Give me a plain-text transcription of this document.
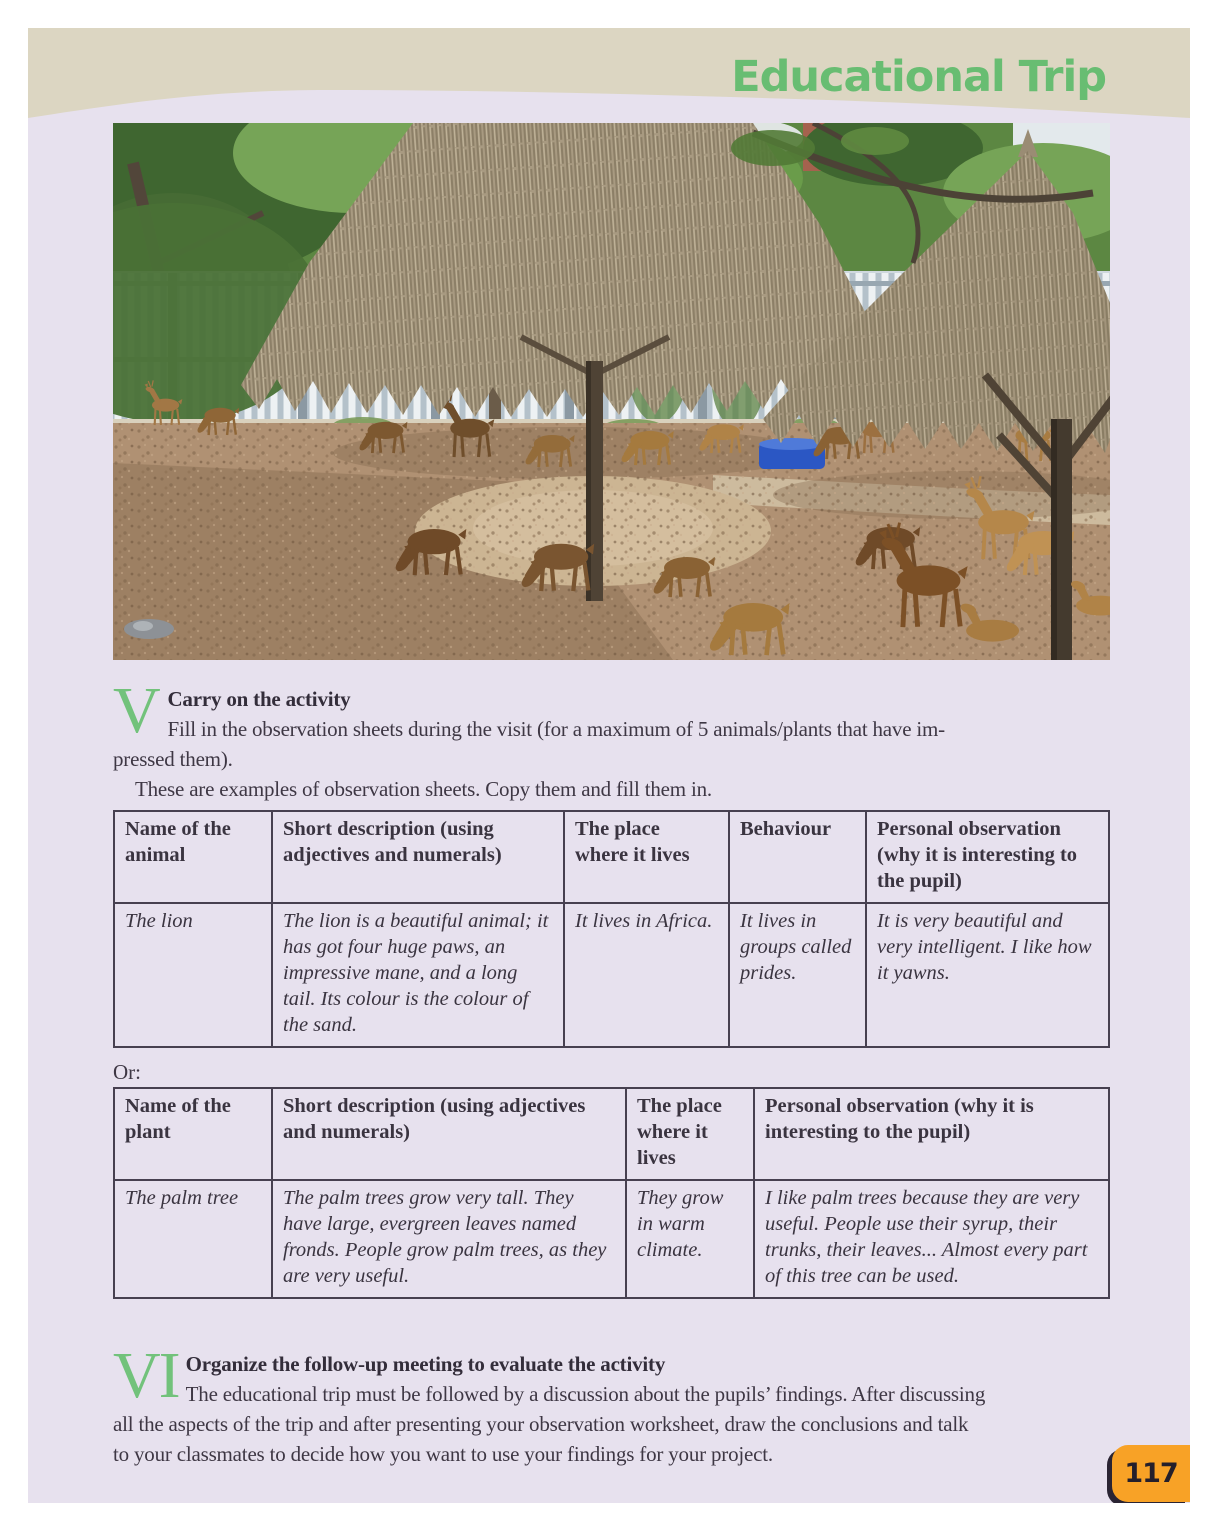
Educational Trip
V Carry on the activity
Fill in the observation sheets during the visit (for a maximum of 5 animals/plants that have im-
pressed them).
These are examples of observation sheets. Copy them and fill them in.
Name of the animal	Short description (using adjectives and numerals)	The place where it lives	Behaviour	Personal observation (why it is interesting to the pupil)
The lion	The lion is a beautiful animal; it has got four huge paws, an impressive mane, and a long tail. Its colour is the colour of the sand.	It lives in Africa.	It lives in groups called prides.	It is very beautiful and very intelligent. I like how it yawns.
Or:
Name of the plant	Short description (using adjectives and numerals)	The place where it lives	Personal observation (why it is interesting to the pupil)
The palm tree	The palm trees grow very tall. They have large, evergreen leaves named fronds. People grow palm trees, as they are very useful.	They grow in warm climate.	I like palm trees because they are very useful. People use their syrup, their trunks, their leaves... Almost every part of this tree can be used.
VI Organize the follow-up meeting to evaluate the activity
The educational trip must be followed by a discussion about the pupils’ findings. After discussing
all the aspects of the trip and after presenting your observation worksheet, draw the conclusions and talk
to your classmates to decide how you want to use your findings for your project.
117
